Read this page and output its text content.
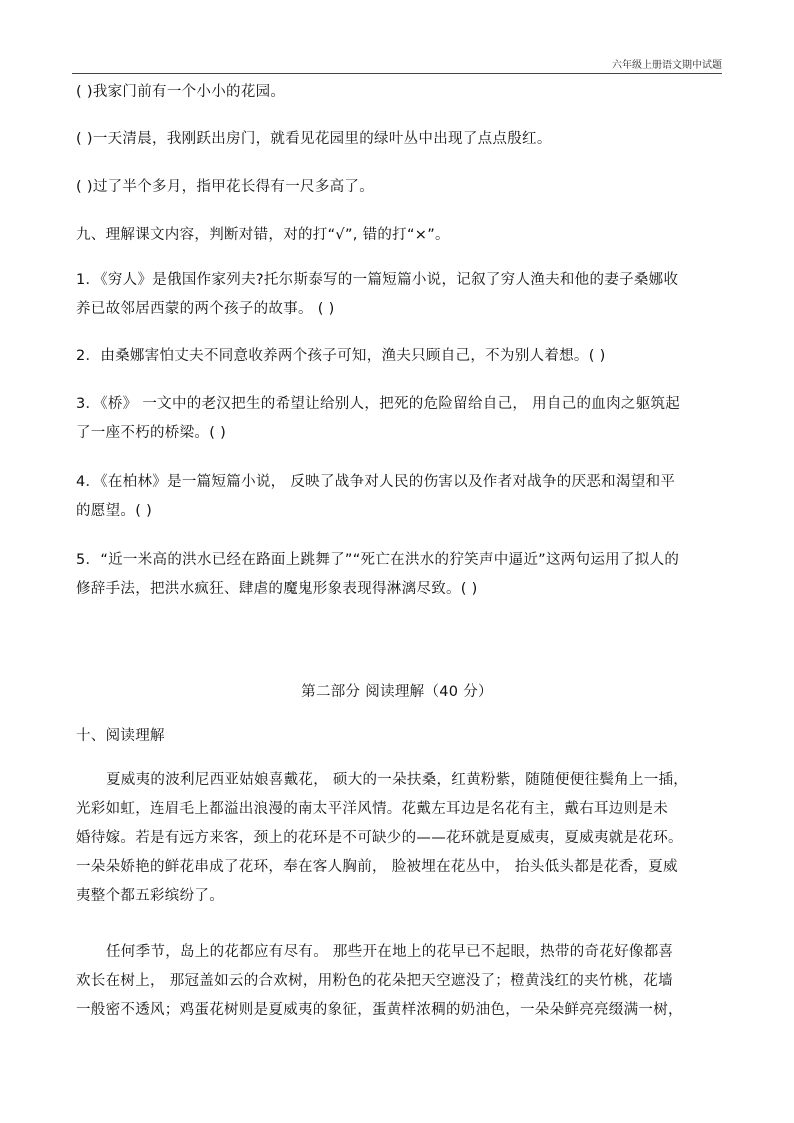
六年级上册语文期中试题
( )我家门前有一个小小的花园。
( )一天清晨，我刚跃出房门，就看见花园里的绿叶丛中出现了点点殷红。
( )过了半个多月，指甲花长得有一尺多高了。
九、理解课文内容，判断对错，对的打“√”, 错的打“×”。
1．《穷人》是俄国作家列夫?托尔斯泰写的一篇短篇小说，记叙了穷人渔夫和他的妻子桑娜收
养已故邻居西蒙的两个孩子的故事。 ( )
2．由桑娜害怕丈夫不同意收养两个孩子可知，渔夫只顾自己，不为别人着想。( )
3．《桥》 一文中的老汉把生的希望让给别人，把死的危险留给自己， 用自己的血肉之躯筑起
了一座不朽的桥梁。( )
4．《在柏林》是一篇短篇小说， 反映了战争对人民的伤害以及作者对战争的厌恶和渴望和平
的愿望。( )
5．“近一米高的洪水已经在路面上跳舞了”“死亡在洪水的狞笑声中逼近”这两句运用了拟人的
修辞手法，把洪水疯狂、肆虐的魔鬼形象表现得淋漓尽致。( )
第二部分 阅读理解（40 分）
十、阅读理解
夏威夷的波利尼西亚姑娘喜戴花， 硕大的一朵扶桑，红黄粉紫，随随便便往鬓角上一插，
光彩如虹，连眉毛上都溢出浪漫的南太平洋风情。花戴左耳边是名花有主，戴右耳边则是未
婚待嫁。若是有远方来客，颈上的花环是不可缺少的——花环就是夏威夷，夏威夷就是花环。
一朵朵娇艳的鲜花串成了花环，奉在客人胸前， 脸被埋在花丛中， 抬头低头都是花香，夏威
夷整个都五彩缤纷了。
任何季节，岛上的花都应有尽有。 那些开在地上的花早已不起眼，热带的奇花好像都喜
欢长在树上， 那冠盖如云的合欢树，用粉色的花朵把天空遮没了；橙黄浅红的夹竹桃，花墙
一般密不透风；鸡蛋花树则是夏威夷的象征，蛋黄样浓稠的奶油色，一朵朵鲜亮亮缀满一树，
